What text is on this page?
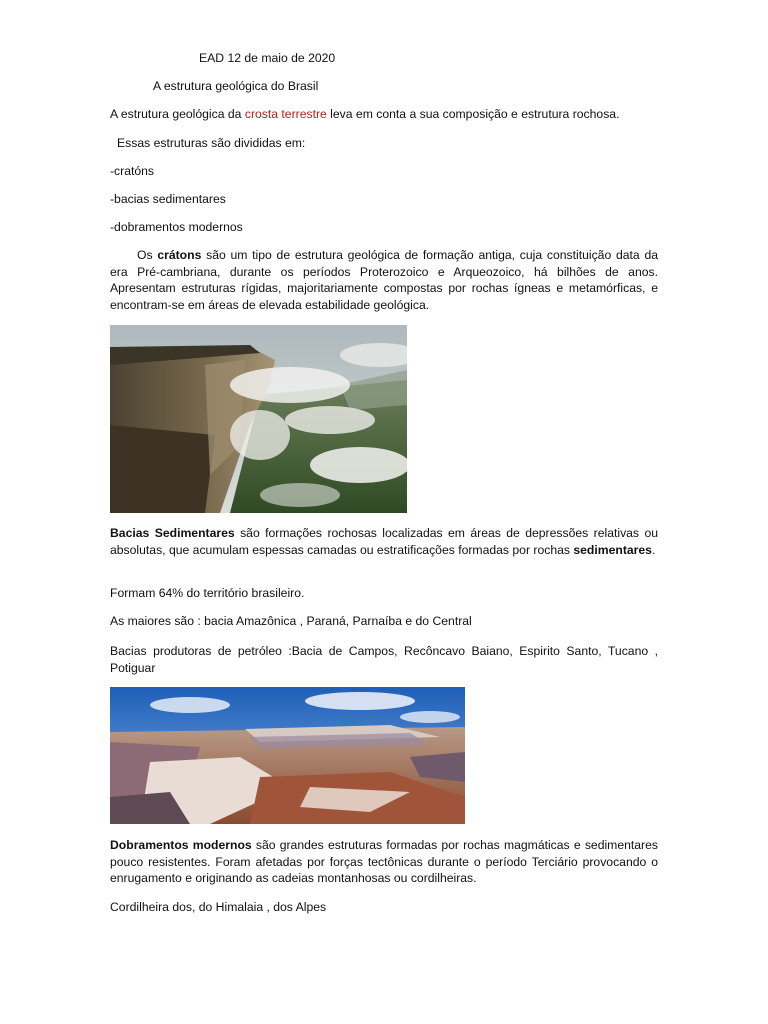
EAD 12 de maio de 2020
A estrutura geológica do Brasil
A estrutura geológica da crosta terrestre leva em conta a sua composição e estrutura rochosa.
Essas estruturas são divididas em:
-cratóns
-bacias sedimentares
-dobramentos modernos
Os crátons são um tipo de estrutura geológica de formação antiga, cuja constituição data da era Pré-cambriana, durante os períodos Proterozoico e Arqueozoico, há bilhões de anos. Apresentam estruturas rígidas, majoritariamente compostas por rochas ígneas e metamórficas, e encontram-se em áreas de elevada estabilidade geológica.
Bacias Sedimentares são formações rochosas localizadas em áreas de depressões relativas ou absolutas, que acumulam espessas camadas ou estratificações formadas por rochas sedimentares.
Formam 64% do território brasileiro.
As maiores são : bacia Amazônica , Paraná, Parnaíba e do Central
Bacias produtoras de petróleo :Bacia de Campos, Recôncavo Baiano, Espirito Santo, Tucano , Potiguar
Dobramentos modernos são grandes estruturas formadas por rochas magmáticas e sedimentares pouco resistentes. Foram afetadas por forças tectônicas durante o período Terciário provocando o enrugamento e originando as cadeias montanhosas ou cordilheiras.
Cordilheira dos, do Himalaia , dos Alpes
